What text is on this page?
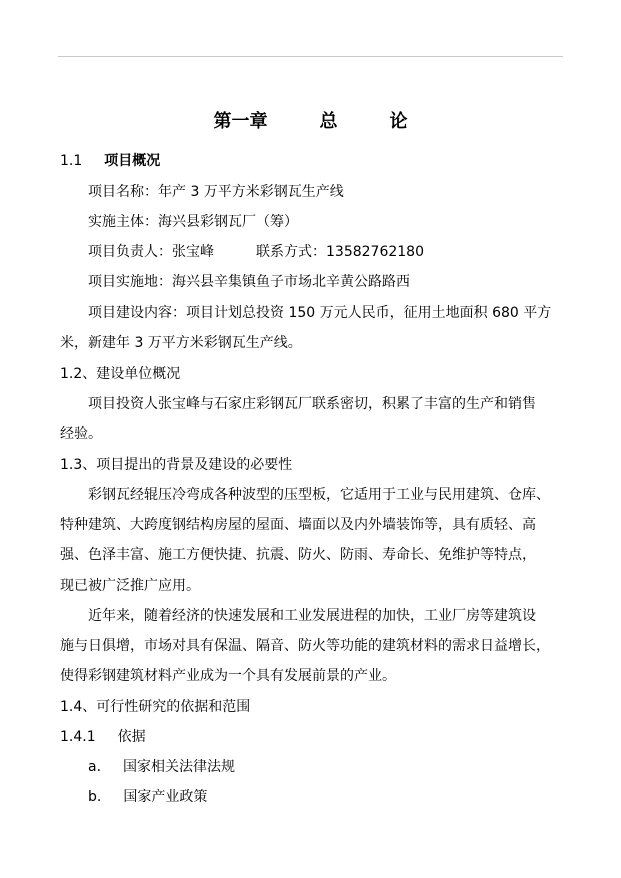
第一章	总	论
1.1 项目概况
项目名称：年产 3 万平方米彩钢瓦生产线
实施主体：海兴县彩钢瓦厂（筹）
项目负责人：张宝峰	联系方式：13582762180
项目实施地：海兴县辛集镇鱼子市场北辛黄公路路西
项目建设内容：项目计划总投资 150 万元人民币，征用土地面积 680 平方
米，新建年 3 万平方米彩钢瓦生产线。
1.2、建设单位概况
项目投资人张宝峰与石家庄彩钢瓦厂联系密切，积累了丰富的生产和销售
经验。
1.3、项目提出的背景及建设的必要性
彩钢瓦经辊压冷弯成各种波型的压型板，它适用于工业与民用建筑、仓库、
特种建筑、大跨度钢结构房屋的屋面、墙面以及内外墙装饰等，具有质轻、高
强、色泽丰富、施工方便快捷、抗震、防火、防雨、寿命长、免维护等特点，
现已被广泛推广应用。
近年来，随着经济的快速发展和工业发展进程的加快，工业厂房等建筑设
施与日俱增，市场对具有保温、隔音、防火等功能的建筑材料的需求日益增长，
使得彩钢建筑材料产业成为一个具有发展前景的产业。
1.4、可行性研究的依据和范围
1.4.1 依据
a. 国家相关法律法规
b. 国家产业政策
